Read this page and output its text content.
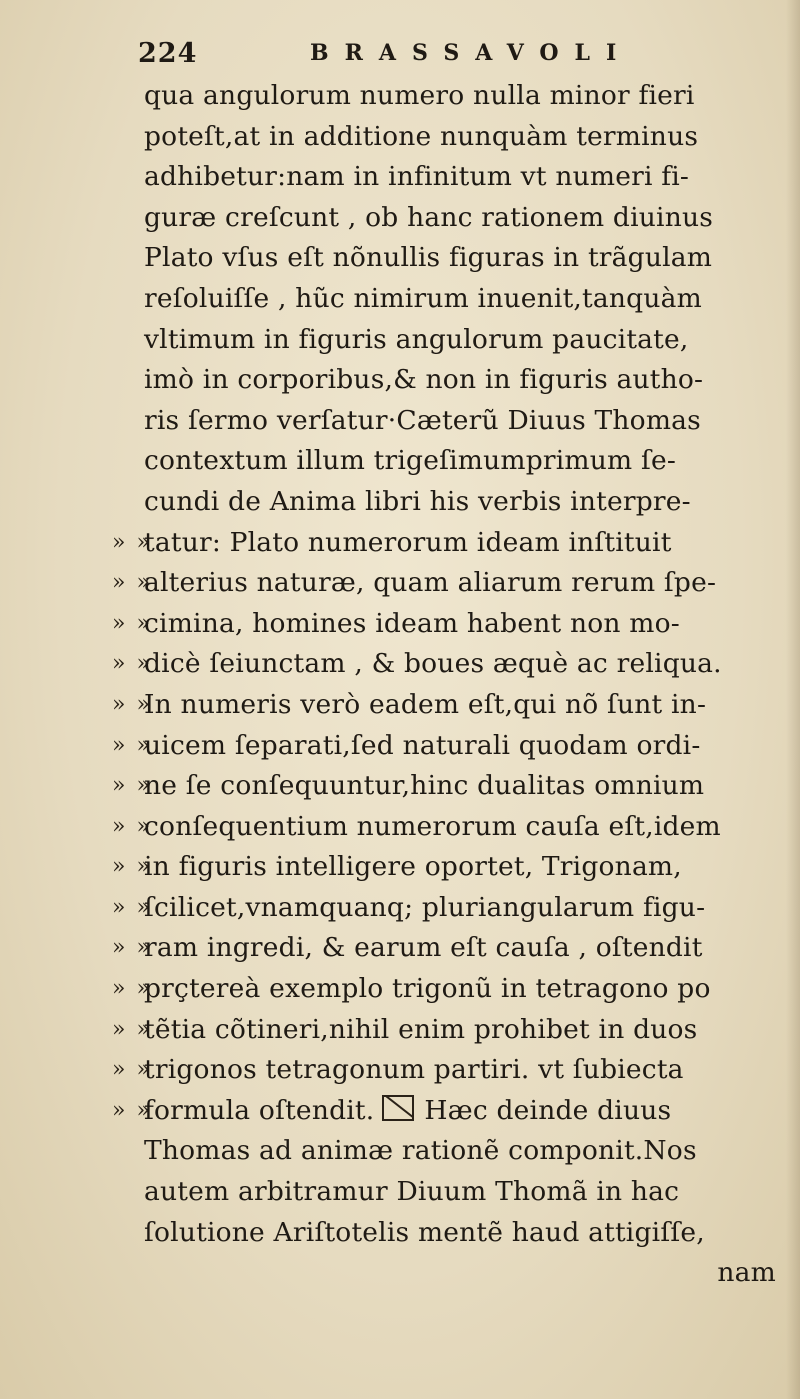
224	BRASSAVOLI
qua angulorum numero nulla minor fieri
poteſt,at in additione nunquàm terminus
adhibetur:nam in infinitum vt numeri fi-
guræ creſcunt , ob hanc rationem diuinus
Plato vſus eſt nõnullis figuras in trãgulam
reſoluiſſe , hũc nimirum inuenit,tanquàm
vltimum in figuris angulorum paucitate,
imò in corporibus,& non in figuris autho-
ris ſermo verſatur·Cæterũ Diuus Thomas
contextum illum trigeſimumprimum ſe-
cundi de Anima libri his verbis interpre-
» »
tatur: Plato numerorum ideam inſtituit
» »
alterius naturæ, quam aliarum rerum ſpe-
» »
cimina, homines ideam habent non mo-
» »
dicè ſeiunctam , & boues æquè ac reliqua.
» »
In numeris verò eadem eſt,qui nõ ſunt in-
» »
uicem ſeparati,ſed naturali quodam ordi-
» »
ne ſe conſequuntur,hinc dualitas omnium
» »
conſequentium numerorum cauſa eſt,idem
» »
in figuris intelligere oportet, Trigonam,
» »
ſcilicet,vnamquanq; pluriangularum figu-
» »
ram ingredi, & earum eſt cauſa , oſtendit
» »
prçtereà exemplo trigonũ in tetragono po
» »
tẽtia cõtineri,nihil enim prohibet in duos
» »
trigonos tetragonum partiri. vt ſubiecta
» »
formula oſtendit. Hæc deinde diuus
Thomas ad animæ rationẽ componit.Nos
autem arbitramur Diuum Thomã in hac
ſolutione Ariſtotelis mentẽ haud attigiſſe,
nam
